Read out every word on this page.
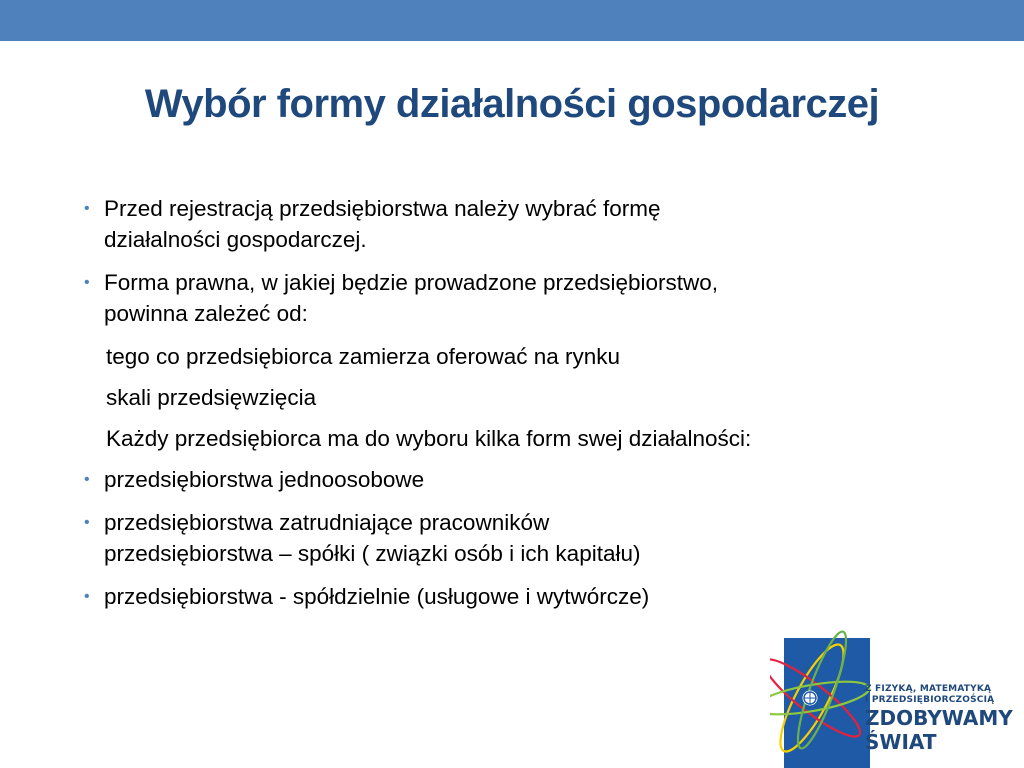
Wybór formy działalności gospodarczej
• Przed rejestracją przedsiębiorstwa należy wybrać formę
działalności gospodarczej.
• Forma prawna, w jakiej będzie prowadzone przedsiębiorstwo,
powinna zależeć od:
tego co przedsiębiorca zamierza oferować na rynku
skali przedsięwzięcia
Każdy przedsiębiorca ma do wyboru kilka form swej działalności:
• przedsiębiorstwa jednoosobowe
• przedsiębiorstwa zatrudniające pracowników
przedsiębiorstwa – spółki ( związki osób i ich kapitału)
• przedsiębiorstwa - spółdzielnie (usługowe i wytwórcze)
Z FIZYKĄ, MATEMATYKĄ
I PRZEDSIĘBIORCZOŚCIĄ
ZDOBYWAMY
ŚWIAT
